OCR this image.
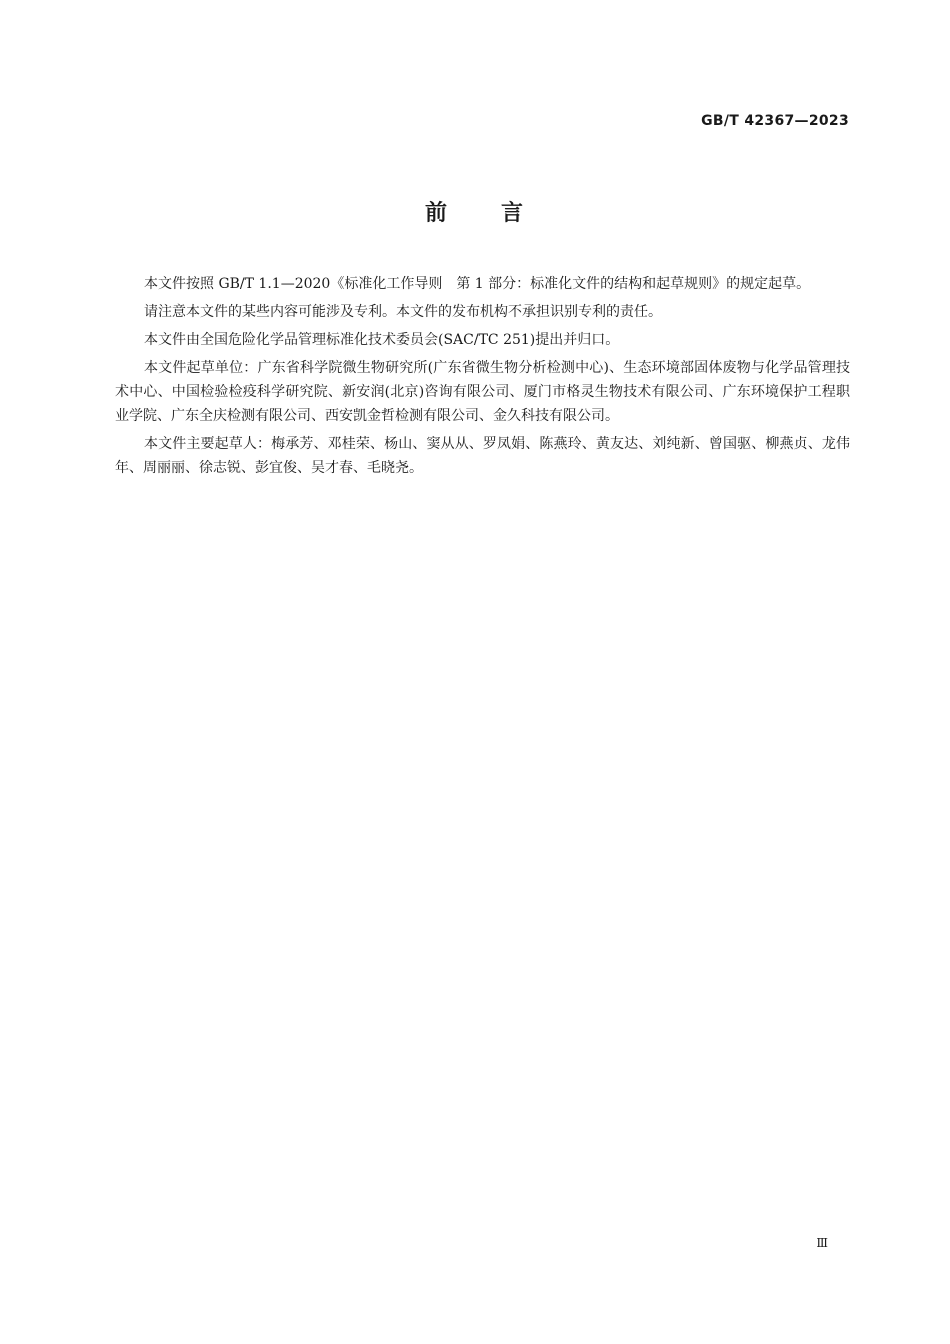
GB/T 42367—2023
前 言

本文件按照 GB/T 1.1—2020《标准化工作导则　第 1 部分：标准化文件的结构和起草规则》的规定起草。

请注意本文件的某些内容可能涉及专利。本文件的发布机构不承担识别专利的责任。

本文件由全国危险化学品管理标准化技术委员会(SAC/TC 251)提出并归口。

本文件起草单位：广东省科学院微生物研究所(广东省微生物分析检测中心)、生态环境部固体废物与化学品管理技术中心、中国检验检疫科学研究院、新安润(北京)咨询有限公司、厦门市格灵生物技术有限公司、广东环境保护工程职业学院、广东全庆检测有限公司、西安凯金哲检测有限公司、金久科技有限公司。

本文件主要起草人：梅承芳、邓桂荣、杨山、窦从从、罗凤娟、陈燕玲、黄友达、刘纯新、曾国驱、柳燕贞、龙伟年、周丽丽、徐志锐、彭宜俊、吴才春、毛晓尧。

Ⅲ
